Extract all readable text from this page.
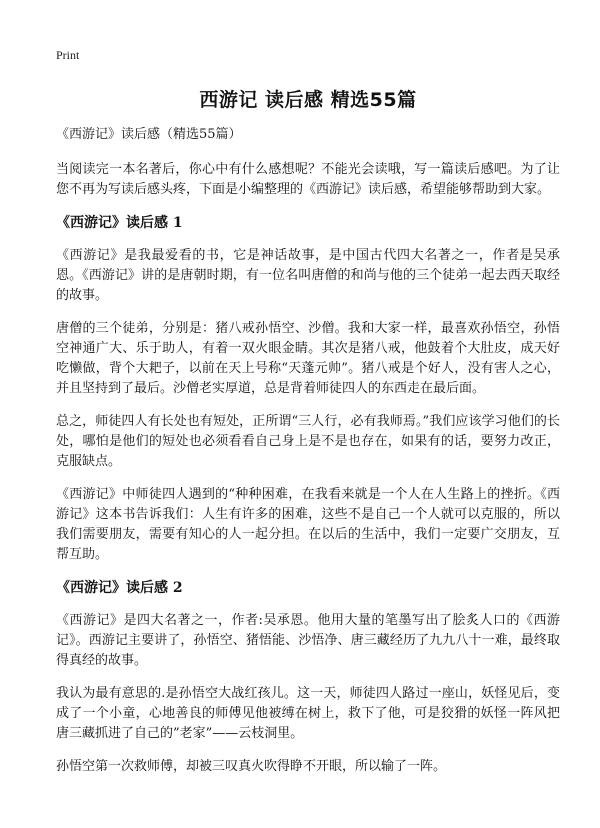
Print
西游记 读后感 精选55篇
《西游记》读后感（精选55篇）

当阅读完一本名著后，你心中有什么感想呢？不能光会读哦，写一篇读后感吧。为了让您不再为写读后感头疼，下面是小编整理的《西游记》读后感，希望能够帮助到大家。

《西游记》读后感 1

《西游记》是我最爱看的书，它是神话故事，是中国古代四大名著之一，作者是吴承恩。《西游记》讲的是唐朝时期，有一位名叫唐僧的和尚与他的三个徒弟一起去西天取经的故事。

唐僧的三个徒弟，分别是：猪八戒孙悟空、沙僧。我和大家一样，最喜欢孙悟空，孙悟空神通广大、乐于助人，有着一双火眼金睛。其次是猪八戒，他鼓着个大肚皮，成天好吃懒做，背个大耙子，以前在天上号称“天蓬元帅”。猪八戒是个好人，没有害人之心，并且坚持到了最后。沙僧老实厚道，总是背着师徒四人的东西走在最后面。

总之，师徒四人有长处也有短处，正所谓“三人行，必有我师焉。”我们应该学习他们的长处，哪怕是他们的短处也必须看看自己身上是不是也存在，如果有的话，要努力改正，克服缺点。

《西游记》中师徒四人遇到的“种种困难，在我看来就是一个人在人生路上的挫折。《西游记》这本书告诉我们：人生有许多的困难，这些不是自己一个人就可以克服的，所以我们需要朋友，需要有知心的人一起分担。在以后的生活中，我们一定要广交朋友，互帮互助。

《西游记》读后感 2

《西游记》是四大名著之一，作者:吴承恩。他用大量的笔墨写出了脍炙人口的《西游记》。西游记主要讲了，孙悟空、猪悟能、沙悟净、唐三藏经历了九九八十一难，最终取得真经的故事。

我认为最有意思的.是孙悟空大战红孩儿。这一天，师徒四人路过一座山，妖怪见后，变成了一个小童，心地善良的师傅见他被缚在树上，救下了他，可是狡猾的妖怪一阵风把唐三藏抓进了自己的”老家”——云枝洞里。

孙悟空第一次救师傅，却被三叹真火吹得睁不开眼，所以输了一阵。
